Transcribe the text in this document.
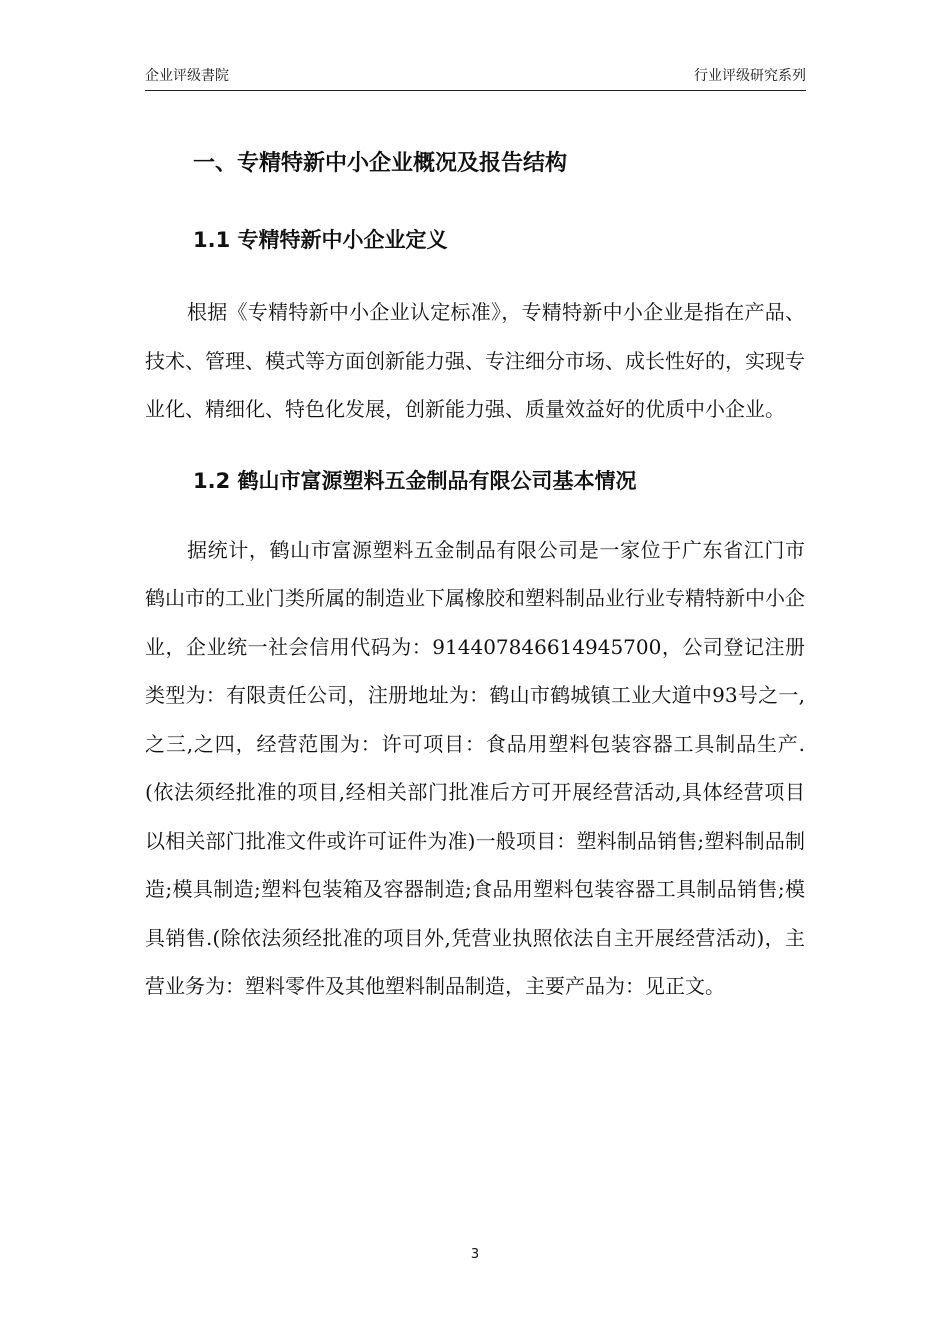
企业评级書院	行业评级研究系列
一、专精特新中小企业概况及报告结构
1.1 专精特新中小企业定义

根据《专精特新中小企业认定标准》，专精特新中小企业是指在产品、技术、管理、模式等方面创新能力强、专注细分市场、成长性好的，实现专业化、精细化、特色化发展，创新能力强、质量效益好的优质中小企业。

1.2 鹤山市富源塑料五金制品有限公司基本情况

据统计，鹤山市富源塑料五金制品有限公司是一家位于广东省江门市鹤山市的工业门类所属的制造业下属橡胶和塑料制品业行业专精特新中小企业，企业统一社会信用代码为：914407846614945700，公司登记注册类型为：有限责任公司，注册地址为：鹤山市鹤城镇工业大道中93号之一,之三,之四，经营范围为：许可项目：食品用塑料包装容器工具制品生产.(依法须经批准的项目,经相关部门批准后方可开展经营活动,具体经营项目以相关部门批准文件或许可证件为准)一般项目：塑料制品销售;塑料制品制造;模具制造;塑料包装箱及容器制造;食品用塑料包装容器工具制品销售;模具销售.(除依法须经批准的项目外,凭营业执照依法自主开展经营活动)，主营业务为：塑料零件及其他塑料制品制造，主要产品为：见正文。

3
